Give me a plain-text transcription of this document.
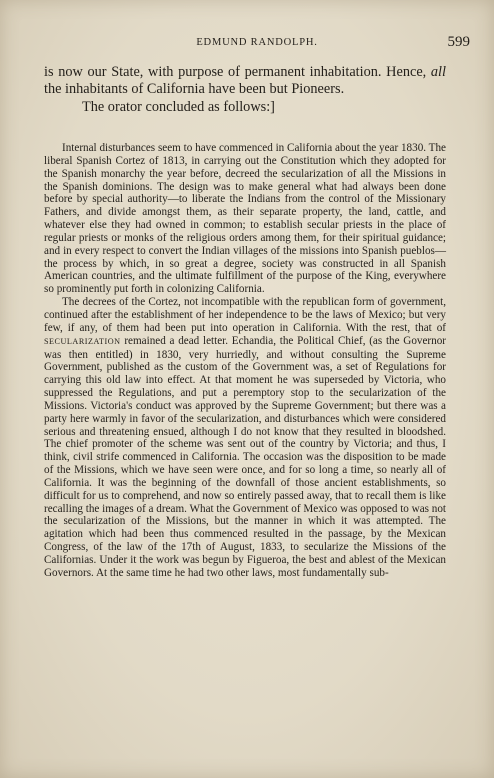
EDMUND RANDOLPH.	599

is now our State, with purpose of permanent inhabitation. Hence, all the inhabitants of California have been but Pioneers.

The orator concluded as follows:]

Internal disturbances seem to have commenced in California about the year 1830. The liberal Spanish Cortez of 1813, in carrying out the Constitution which they adopted for the Spanish monarchy the year before, decreed the secularization of all the Missions in the Spanish dominions. The design was to make general what had always been done before by special authority—to liberate the Indians from the control of the Missionary Fathers, and divide amongst them, as their separate property, the land, cattle, and whatever else they had owned in common; to establish secular priests in the place of regular priests or monks of the religious orders among them, for their spiritual guidance; and in every respect to convert the Indian villages of the missions into Spanish pueblos—the process by which, in so great a degree, society was constructed in all Spanish American countries, and the ultimate fulfillment of the purpose of the King, everywhere so prominently put forth in colonizing California.

The decrees of the Cortez, not incompatible with the republican form of government, continued after the establishment of her independence to be the laws of Mexico; but very few, if any, of them had been put into operation in California. With the rest, that of SECULARIZATION remained a dead letter. Echandia, the Political Chief, (as the Governor was then entitled) in 1830, very hurriedly, and without consulting the Supreme Government, published as the custom of the Government was, a set of Regulations for carrying this old law into effect. At that moment he was superseded by Victoria, who suppressed the Regulations, and put a peremptory stop to the secularization of the Missions. Victoria's conduct was approved by the Supreme Government; but there was a party here warmly in favor of the secularization, and disturbances which were considered serious and threatening ensued, although I do not know that they resulted in bloodshed. The chief promoter of the scheme was sent out of the country by Victoria; and thus, I think, civil strife commenced in California. The occasion was the disposition to be made of the Missions, which we have seen were once, and for so long a time, so nearly all of California. It was the beginning of the downfall of those ancient establishments, so difficult for us to comprehend, and now so entirely passed away, that to recall them is like recalling the images of a dream. What the Government of Mexico was opposed to was not the secularization of the Missions, but the manner in which it was attempted. The agitation which had been thus commenced resulted in the passage, by the Mexican Congress, of the law of the 17th of August, 1833, to secularize the Missions of the Californias. Under it the work was begun by Figueroa, the best and ablest of the Mexican Governors. At the same time he had two other laws, most fundamentally sub-
